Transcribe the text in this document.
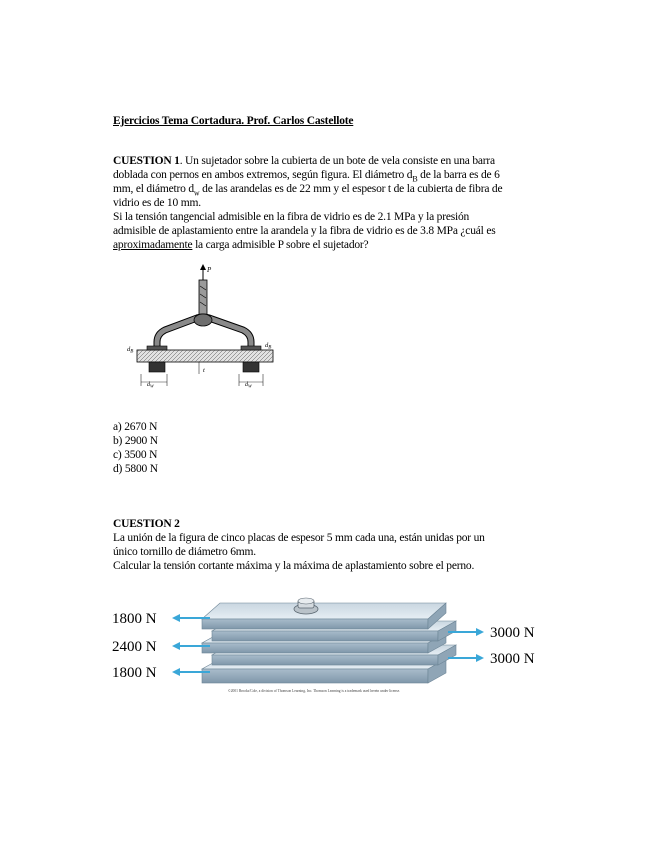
Ejercicios Tema Cortadura. Prof. Carlos Castellote
CUESTION 1. Un sujetador sobre la cubierta de un bote de vela consiste en una barra
doblada con pernos en ambos extremos, según figura. El diámetro $d_B$ de la barra es de 6
mm, el diámetro $d_w$ de las arandelas es de 22 mm y el espesor t de la cubierta de fibra de
vidrio es de 10 mm.
Si la tensión tangencial admisible en la fibra de vidrio es de 2.1 MPa y la presión
admisible de aplastamiento entre la arandela y la fibra de vidrio es de 3.8 MPa ¿cuál es
aproximadamente la carga admisible P sobre el sujetador?
P
$d_B$
$d_B$
t
$d_W$	$d_W$
a) 2670 N
b) 2900 N
c) 3500 N
d) 5800 N
CUESTION 2
La unión de la figura de cinco placas de espesor 5 mm cada una, están unidas por un
único tornillo de diámetro 6mm.
Calcular la tensión cortante máxima y la máxima de aplastamiento sobre el perno.
1800 N
2400 N
1800 N
3000 N
3000 N
©2001 Brooks/Cole, a division of Thomson Learning, Inc. Thomson Learning is a trademark used herein under license.
